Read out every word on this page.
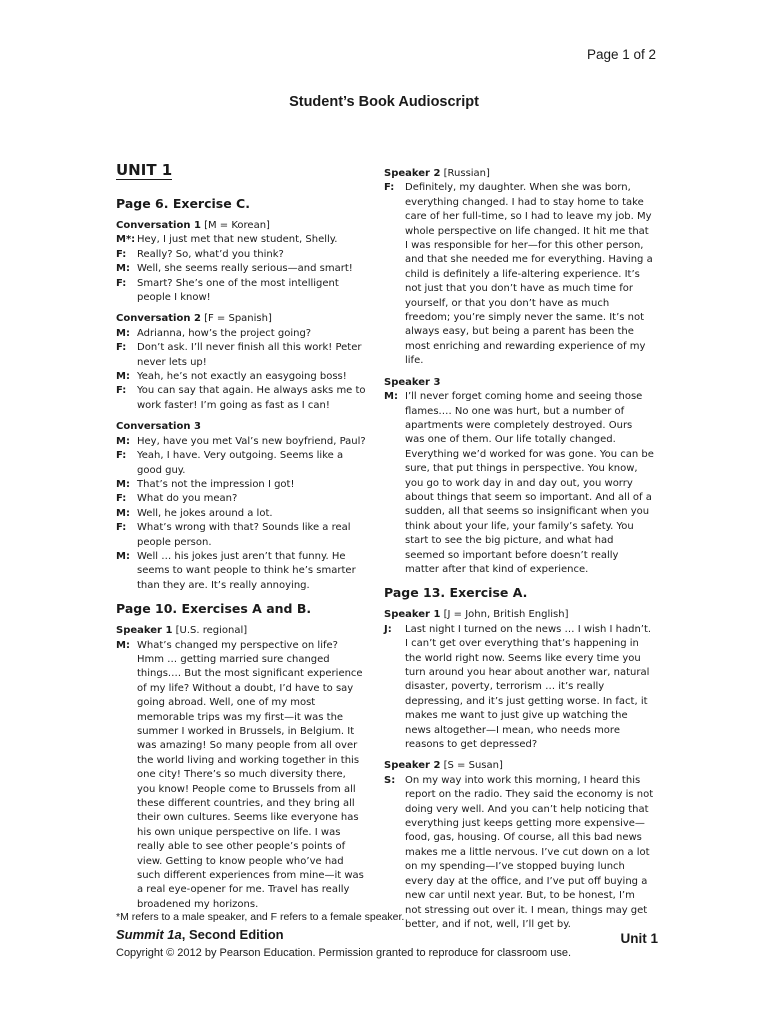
Page 1 of 2
Student’s Book Audioscript
UNIT 1
Page 6. Exercise C.
Conversation 1 [M = Korean]
M*: Hey, I just met that new student, Shelly.
F:	Really? So, what’d you think?
M: Well, she seems really serious—and smart!
F:	Smart? She’s one of the most intelligent people I know!
Conversation 2 [F = Spanish]
M: Adrianna, how’s the project going?
F:	Don’t ask. I’ll never finish all this work! Peter never lets up!
M: Yeah, he’s not exactly an easygoing boss!
F:	You can say that again. He always asks me to work faster! I’m going as fast as I can!
Conversation 3
M: Hey, have you met Val’s new boyfriend, Paul?
F:	Yeah, I have. Very outgoing. Seems like a good guy.
M: That’s not the impression I got!
F:	What do you mean?
M: Well, he jokes around a lot.
F:	What’s wrong with that? Sounds like a real people person.
M: Well … his jokes just aren’t that funny. He seems to want people to think he’s smarter than they are. It’s really annoying.
Page 10. Exercises A and B.
Speaker 1 [U.S. regional]
M: What’s changed my perspective on life? Hmm … getting married sure changed things.… But the most significant experience of my life? Without a doubt, I’d have to say going abroad. Well, one of my most memorable trips was my first—it was the summer I worked in Brussels, in Belgium. It was amazing! So many people from all over the world living and working together in this one city! There’s so much diversity there, you know! People come to Brussels from all these different countries, and they bring all their own cultures. Seems like everyone has his own unique perspective on life. I was really able to see other people’s points of view. Getting to know people who’ve had such different experiences from mine—it was a real eye-opener for me. Travel has really broadened my horizons.
Speaker 2 [Russian]
F:	Definitely, my daughter. When she was born, everything changed. I had to stay home to take care of her full-time, so I had to leave my job. My whole perspective on life changed. It hit me that I was responsible for her—for this other person, and that she needed me for everything. Having a child is definitely a life-altering experience. It’s not just that you don’t have as much time for yourself, or that you don’t have as much freedom; you’re simply never the same. It’s not always easy, but being a parent has been the most enriching and rewarding experience of my life.
Speaker 3
M: I’ll never forget coming home and seeing those flames.… No one was hurt, but a number of apartments were completely destroyed. Ours was one of them. Our life totally changed. Everything we’d worked for was gone. You can be sure, that put things in perspective. You know, you go to work day in and day out, you worry about things that seem so important. And all of a sudden, all that seems so insignificant when you think about your life, your family’s safety. You start to see the big picture, and what had seemed so important before doesn’t really matter after that kind of experience.
Page 13. Exercise A.
Speaker 1 [J = John, British English]
J:	Last night I turned on the news … I wish I hadn’t. I can’t get over everything that’s happening in the world right now. Seems like every time you turn around you hear about another war, natural disaster, poverty, terrorism … it’s really depressing, and it’s just getting worse. In fact, it makes me want to just give up watching the news altogether—I mean, who needs more reasons to get depressed?
Speaker 2 [S = Susan]
S: On my way into work this morning, I heard this report on the radio. They said the economy is not doing very well. And you can’t help noticing that everything just keeps getting more expensive—food, gas, housing. Of course, all this bad news makes me a little nervous. I’ve cut down on a lot on my spending—I’ve stopped buying lunch every day at the office, and I’ve put off buying a new car until next year. But, to be honest, I’m not stressing out over it. I mean, things may get better, and if not, well, I’ll get by.
*M refers to a male speaker, and F refers to a female speaker.
Summit 1a, Second Edition	Unit 1
Copyright © 2012 by Pearson Education. Permission granted to reproduce for classroom use.
